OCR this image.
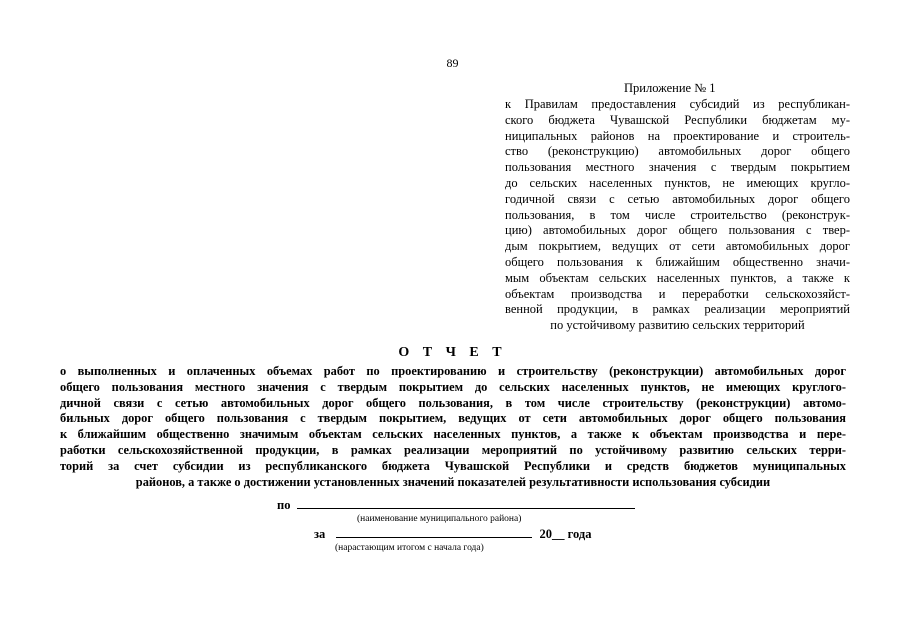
89
Приложение № 1
к Правилам предоставления субсидий из республикан-
ского бюджета Чувашской Республики бюджетам му-
ниципальных районов на проектирование и строитель-
ство (реконструкцию) автомобильных дорог общего
пользования местного значения с твердым покрытием
до сельских населенных пунктов, не имеющих кругло-
годичной связи с сетью автомобильных дорог общего
пользования, в том числе строительство (реконструк-
цию) автомобильных дорог общего пользования с твер-
дым покрытием, ведущих от сети автомобильных дорог
общего пользования к ближайшим общественно значи-
мым объектам сельских населенных пунктов, а также к
объектам производства и переработки сельскохозяйст-
венной продукции, в рамках реализации мероприятий
по устойчивому развитию сельских территорий
О Т Ч Е Т
о выполненных и оплаченных объемах работ по проектированию и строительству (реконструкции) автомобильных дорог
общего пользования местного значения с твердым покрытием до сельских населенных пунктов, не имеющих круглого-
дичной связи с сетью автомобильных дорог общего пользования, в том числе строительству (реконструкции) автомо-
бильных дорог общего пользования с твердым покрытием, ведущих от сети автомобильных дорог общего пользования
к ближайшим общественно значимым объектам сельских населенных пунктов, а также к объектам производства и пере-
работки сельскохозяйственной продукции, в рамках реализации мероприятий по устойчивому развитию сельских терри-
торий за счет субсидии из республиканского бюджета Чувашской Республики и средств бюджетов муниципальных
районов, а также о достижении установленных значений показателей результативности использования субсидии
по
(наименование муниципального района)
за	20__ года
(нарастающим итогом с начала года)
